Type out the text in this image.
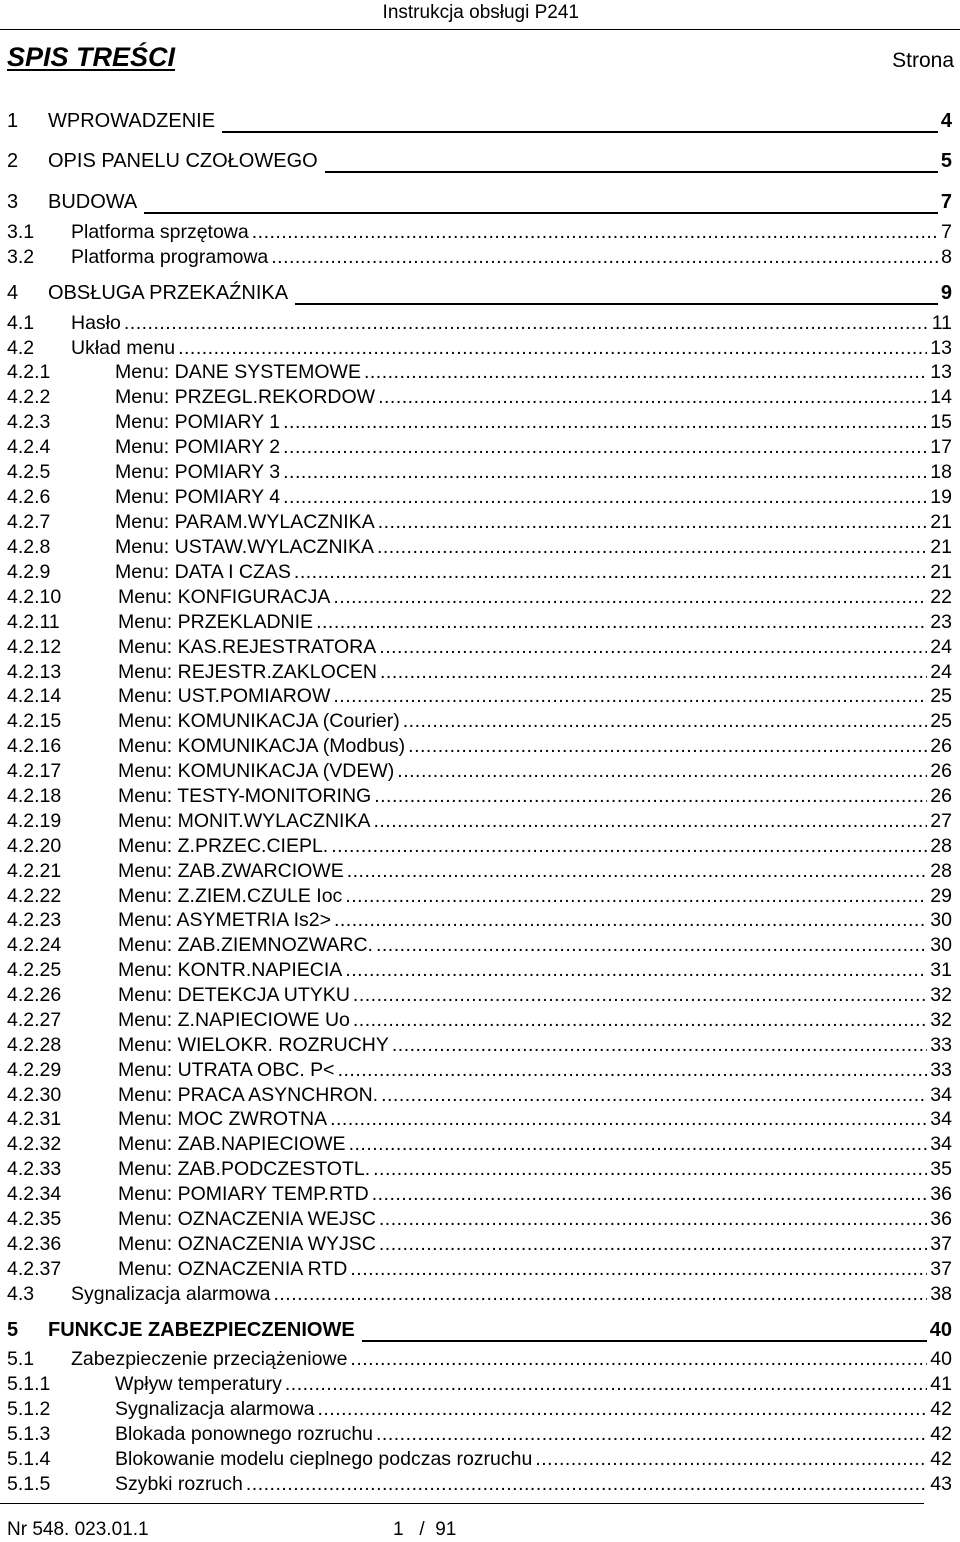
Instrukcja obsługi P241
SPIS TREŚCI	Strona
1	WPROWADZENIE	4
2	OPIS PANELU CZOŁOWEGO	5
3	BUDOWA	7
3.1	Platforma sprzętowa .....	7
3.2	Platforma programowa .....	8
4	OBSŁUGA PRZEKAŹNIKA	9
4.1	Hasło .....	11
4.2	Układ menu .....	13
4.2.1	Menu: DANE SYSTEMOWE .....	13
4.2.2	Menu: PRZEGL.REKORDOW .....	14
4.2.3	Menu: POMIARY 1 .....	15
4.2.4	Menu: POMIARY 2 .....	17
4.2.5	Menu: POMIARY 3 .....	18
4.2.6	Menu: POMIARY 4 .....	19
4.2.7	Menu: PARAM.WYLACZNIKA .....	21
4.2.8	Menu: USTAW.WYLACZNIKA .....	21
4.2.9	Menu: DATA I CZAS .....	21
4.2.10	Menu: KONFIGURACJA .....	22
4.2.11	Menu: PRZEKLADNIE .....	23
4.2.12	Menu: KAS.REJESTRATORA .....	24
4.2.13	Menu: REJESTR.ZAKLOCEN .....	24
4.2.14	Menu: UST.POMIAROW .....	25
4.2.15	Menu: KOMUNIKACJA (Courier) .....	25
4.2.16	Menu: KOMUNIKACJA (Modbus) .....	26
4.2.17	Menu: KOMUNIKACJA (VDEW) .....	26
4.2.18	Menu: TESTY-MONITORING .....	26
4.2.19	Menu: MONIT.WYLACZNIKA .....	27
4.2.20	Menu: Z.PRZEC.CIEPL. .....	28
4.2.21	Menu: ZAB.ZWARCIOWE .....	28
4.2.22	Menu: Z.ZIEM.CZULE Ioc .....	29
4.2.23	Menu: ASYMETRIA Is2> .....	30
4.2.24	Menu: ZAB.ZIEMNOZWARC. .....	30
4.2.25	Menu: KONTR.NAPIECIA .....	31
4.2.26	Menu: DETEKCJA UTYKU .....	32
4.2.27	Menu: Z.NAPIECIOWE Uo .....	32
4.2.28	Menu: WIELOKR. ROZRUCHY .....	33
4.2.29	Menu: UTRATA OBC. P< .....	33
4.2.30	Menu: PRACA ASYNCHRON. .....	34
4.2.31	Menu: MOC ZWROTNA .....	34
4.2.32	Menu: ZAB.NAPIECIOWE .....	34
4.2.33	Menu: ZAB.PODCZESTOTL. .....	35
4.2.34	Menu: POMIARY TEMP.RTD .....	36
4.2.35	Menu: OZNACZENIA WEJSC .....	36
4.2.36	Menu: OZNACZENIA WYJSC .....	37
4.2.37	Menu: OZNACZENIA RTD .....	37
4.3	Sygnalizacja alarmowa .....	38
5	FUNKCJE ZABEZPIECZENIOWE	40
5.1	Zabezpieczenie przeciążeniowe .....	40
5.1.1	Wpływ temperatury .....	41
5.1.2	Sygnalizacja alarmowa .....	42
5.1.3	Blokada ponownego rozruchu .....	42
5.1.4	Blokowanie modelu cieplnego podczas rozruchu .....	42
5.1.5	Szybki rozruch .....	43
Nr 548. 023.01.1	1   /  91
